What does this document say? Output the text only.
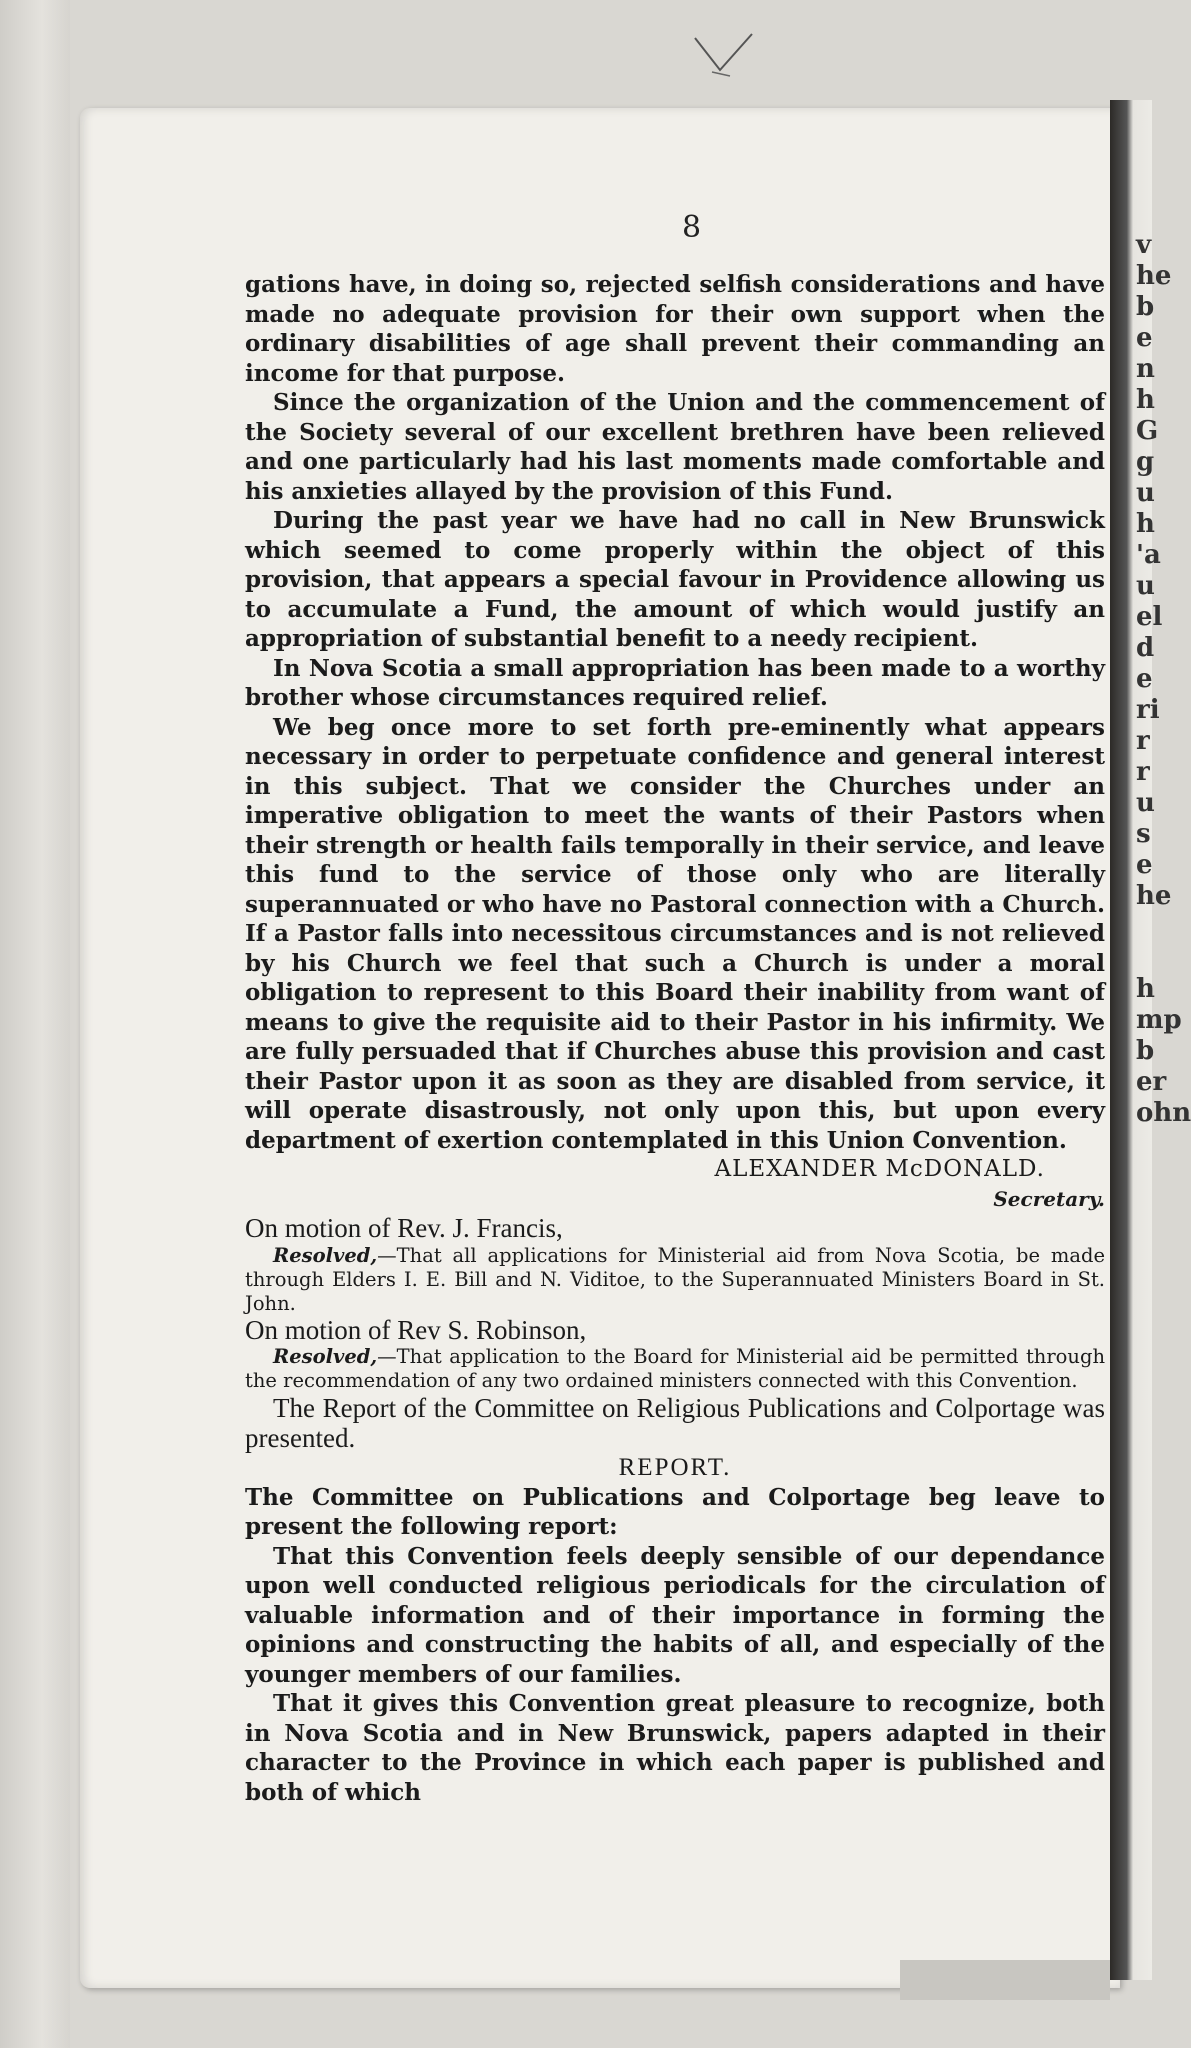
v
he
b
e
n
h
G
g
u
h
'a
u
el
d
e
ri
r
r
u
s
e
he

h
mp
b
er
ohn
8

gations have, in doing so, rejected selfish considerations and have made no adequate provision for their own support when the ordinary disabilities of age shall prevent their commanding an income for that purpose.

Since the organization of the Union and the commencement of the Society several of our excellent brethren have been relieved and one particularly had his last moments made comfortable and his anxieties allayed by the provision of this Fund.

During the past year we have had no call in New Brunswick which seemed to come properly within the object of this provision, that appears a special favour in Providence allowing us to accumulate a Fund, the amount of which would justify an appropriation of substantial benefit to a needy recipient.

In Nova Scotia a small appropriation has been made to a worthy brother whose circumstances required relief.

We beg once more to set forth pre-eminently what appears necessary in order to perpetuate confidence and general interest in this subject. That we consider the Churches under an imperative obligation to meet the wants of their Pastors when their strength or health fails temporally in their service, and leave this fund to the service of those only who are literally superannuated or who have no Pastoral connection with a Church. If a Pastor falls into necessitous circumstances and is not relieved by his Church we feel that such a Church is under a moral obligation to represent to this Board their inability from want of means to give the requisite aid to their Pastor in his infirmity. We are fully persuaded that if Churches abuse this provision and cast their Pastor upon it as soon as they are disabled from service, it will operate disastrously, not only upon this, but upon every department of exertion contemplated in this Union Convention.

ALEXANDER McDONALD.

Secretary.

On motion of Rev. J. Francis,

Resolved,—That all applications for Ministerial aid from Nova Scotia, be made through Elders I. E. Bill and N. Viditoe, to the Superannuated Ministers Board in St. John.

On motion of Rev S. Robinson,

Resolved,—That application to the Board for Ministerial aid be permitted through the recommendation of any two ordained ministers connected with this Convention.

The Report of the Committee on Religious Publications and Colportage was presented.

REPORT.

The Committee on Publications and Colportage beg leave to present the following report:

That this Convention feels deeply sensible of our dependance upon well conducted religious periodicals for the circulation of valuable information and of their importance in forming the opinions and constructing the habits of all, and especially of the younger members of our families.

That it gives this Convention great pleasure to recognize, both in Nova Scotia and in New Brunswick, papers adapted in their character to the Province in which each paper is published and both of which
